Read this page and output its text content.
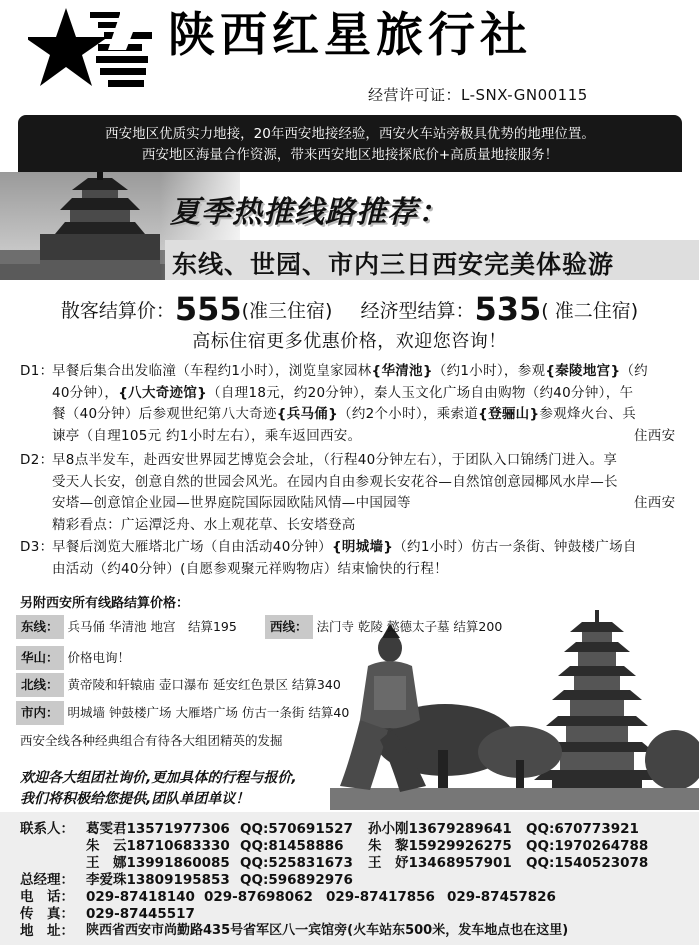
陕西红星旅行社
经营许可证：L-SNX-GN00115
西安地区优质实力地接，20年西安地接经验，西安火车站旁极具优势的地理位置。
西安地区海量合作资源，带来西安地区地接探底价+高质量地接服务！
夏季热推线路推荐：
东线、世园、市内三日西安完美体验游
散客结算价：555(准三住宿) 经济型结算：535( 准二住宿)
高标住宿更多优惠价格，欢迎您咨询！
D1：
早餐后集合出发临潼（车程约1小时），浏览皇家园林{华清池}（约1小时），参观{秦陵地宫}（约
40分钟），{八大奇迹馆}（自理18元，约20分钟），秦人玉文化广场自由购物（约40分钟），午
餐（40分钟）后参观世纪第八大奇迹{兵马俑}（约2个小时），乘索道{登骊山}参观烽火台、兵
谏亭（自理105元 约1小时左右），乘车返回西安。	住西安
D2：
早8点半发车，赴西安世界园艺博览会会址，（行程40分钟左右），于团队入口锦绣门进入。享
受天人长安，创意自然的世园会风光。在园内自由参观长安花谷—自然馆创意园椰风水岸—长
安塔—创意馆企业园—世界庭院国际园欧陆风情—中国园等	住西安
精彩看点：广运潭泛舟、水上观花草、长安塔登高
D3：
早餐后浏览大雁塔北广场（自由活动40分钟）{明城墙}（约1小时）仿古一条街、钟鼓楼广场自
由活动（约40分钟）(自愿参观聚元祥购物店）结束愉快的行程！
另附西安所有线路结算价格：
东线： 兵马俑 华清池 地宫　结算195	西线： 法门寺 乾陵 懿德太子墓 结算200
华山： 价格电询！
北线： 黄帝陵和轩辕庙 壶口瀑布 延安红色景区 结算340
市内： 明城墙 钟鼓楼广场 大雁塔广场 仿古一条街 结算40
西安全线各种经典组合有待各大组团精英的发掘
欢迎各大组团社询价,更加具体的行程与报价,
我们将积极给您提供,团队单团单议！
联系人： 葛雯君13571977306 QQ:570691527 孙小刚13679289641 QQ:670773921
朱　云18710683330 QQ:81458886 朱　黎15929926275 QQ:1970264788
王　娜13991860085 QQ:525831673 王　妤13468957901 QQ:1540523078
总经理： 李爱珠13809195853 QQ:596892976
电　话： 029-87418140 029-87698062 029-87417856 029-87457826
传　真： 029-87445517
地　址： 陕西省西安市尚勤路435号省军区八一宾馆旁(火车站东500米，发车地点也在这里)
